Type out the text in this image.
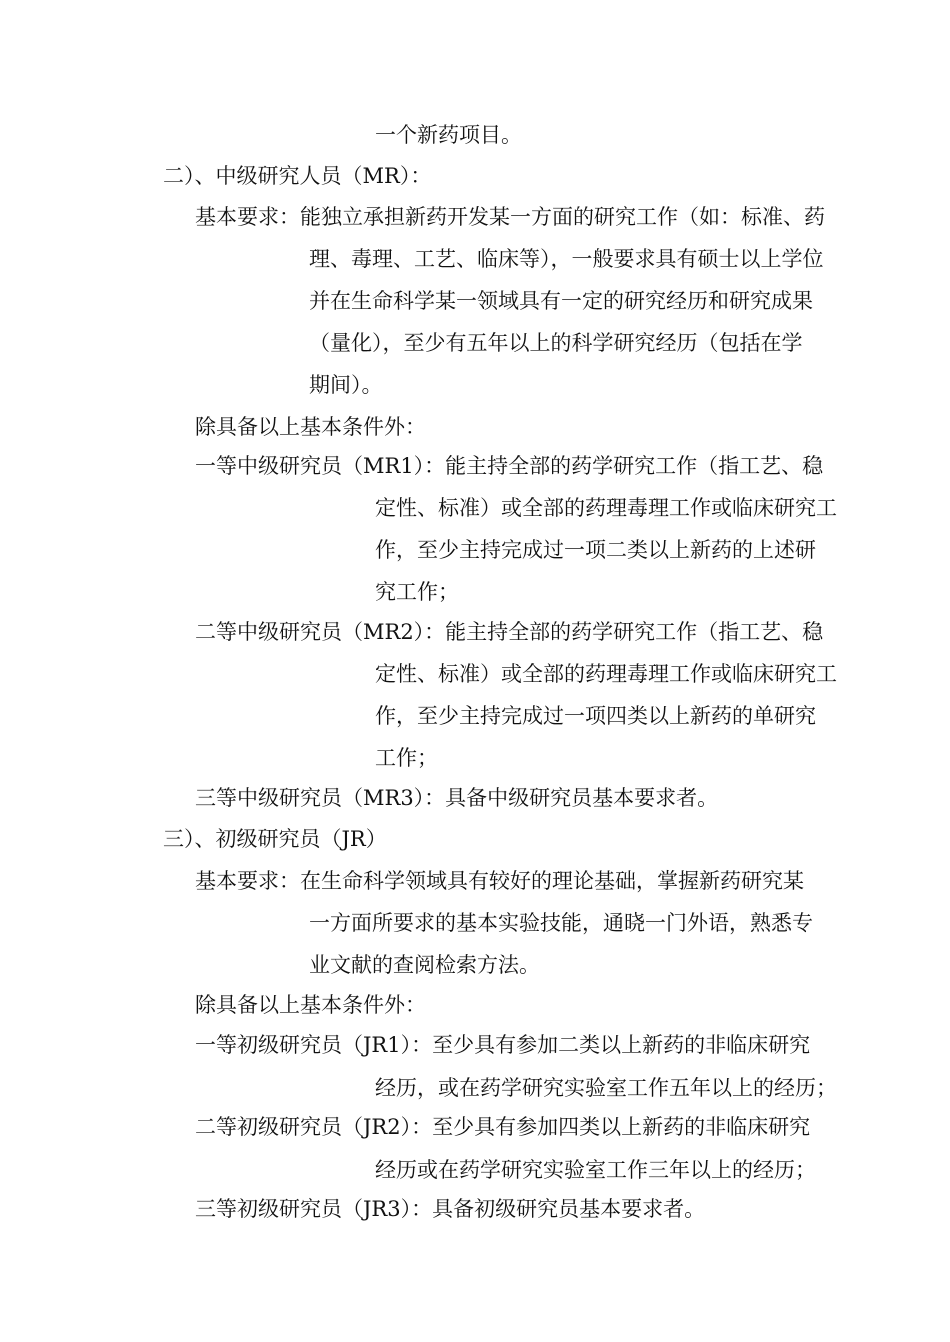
一个新药项目。
二）、中级研究人员（MR）：
基本要求：能独立承担新药开发某一方面的研究工作（如：标准、药
理、毒理、工艺、临床等），一般要求具有硕士以上学位
并在生命科学某一领域具有一定的研究经历和研究成果
（量化），至少有五年以上的科学研究经历（包括在学
期间）。
除具备以上基本条件外：
一等中级研究员（MR1）：能主持全部的药学研究工作（指工艺、稳
定性、标准）或全部的药理毒理工作或临床研究工
作，至少主持完成过一项二类以上新药的上述研
究工作；
二等中级研究员（MR2）：能主持全部的药学研究工作（指工艺、稳
定性、标准）或全部的药理毒理工作或临床研究工
作，至少主持完成过一项四类以上新药的单研究
工作；
三等中级研究员（MR3）：具备中级研究员基本要求者。
三）、初级研究员（JR）
基本要求：在生命科学领域具有较好的理论基础，掌握新药研究某
一方面所要求的基本实验技能，通晓一门外语，熟悉专
业文献的查阅检索方法。
除具备以上基本条件外：
一等初级研究员（JR1）：至少具有参加二类以上新药的非临床研究
经历，或在药学研究实验室工作五年以上的经历；
二等初级研究员（JR2）：至少具有参加四类以上新药的非临床研究
经历或在药学研究实验室工作三年以上的经历；
三等初级研究员（JR3）：具备初级研究员基本要求者。
